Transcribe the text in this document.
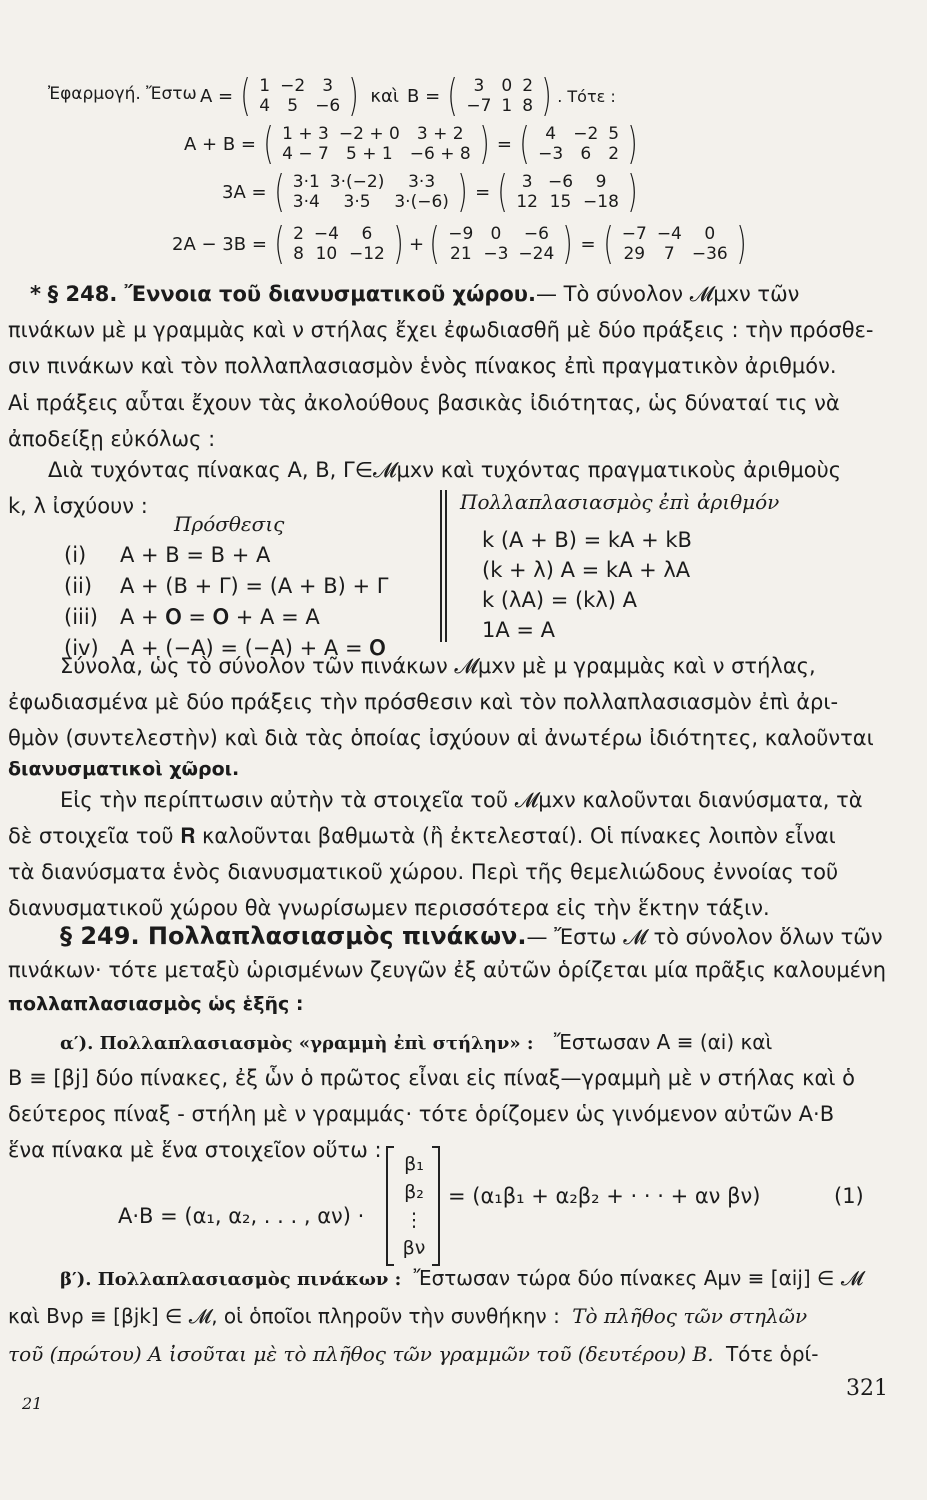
Ἐφαρμογή. Ἔστω A = ( 1	−2	3
4	5	−6 ) καὶ B = ( 3	0	2
−7	1	8 ) . Τότε :
A + B = ( 1 + 3	−2 + 0	3 + 2
4 − 7	5 + 1	−6 + 8 ) = ( 4	−2	5
−3	6	2 )
3A = ( 3·1	3·(−2)	3·3
3·4	3·5	3·(−6) ) = ( 3	−6	9
12	15	−18 )
2A − 3B = ( 2	−4	6
8	10	−12 ) + ( −9	0	−6
21	−3	−24 ) = ( −7	−4	0
29	7	−36 )
* § 248. Ἔννοια τοῦ διανυσματικοῦ χώρου.— Τὸ σύνολον 𝓜μxν τῶν
πινάκων μὲ μ γραμμὰς καὶ ν στήλας ἔχει ἐφωδιασθῆ μὲ δύο πράξεις : τὴν πρόσθε-
σιν πινάκων καὶ τὸν πολλαπλασιασμὸν ἑνὸς πίνακος ἐπὶ πραγματικὸν ἀριθμόν.
Αἱ πράξεις αὗται ἔχουν τὰς ἀκολούθους βασικὰς ἰδιότητας, ὡς δύναταί τις νὰ
ἀποδείξῃ εὐκόλως :
Διὰ τυχόντας πίνακας A, B, Γ∈𝓜μxν καὶ τυχόντας πραγματικοὺς ἀριθμοὺς
k, λ ἰσχύουν :
Πρόσθεσις
Πολλαπλασιασμὸς ἐπὶ ἀριθμόν
(i) A + B = B + A
(ii) A + (B + Γ) = (A + B) + Γ
(iii) A + 𝐎 = 𝐎 + A = A
(iv) A + (−A) = (−A) + A = 𝐎
k (A + B) = kA + kB
(k + λ) A = kA + λA
k (λA) = (kλ) A
1A = A
Σύνολα, ὡς τὸ σύνολον τῶν πινάκων 𝓜μxν μὲ μ γραμμὰς καὶ ν στήλας,
ἐφωδιασμένα μὲ δύο πράξεις τὴν πρόσθεσιν καὶ τὸν πολλαπλασιασμὸν ἐπὶ ἀρι-
θμὸν (συντελεστὴν) καὶ διὰ τὰς ὁποίας ἰσχύουν αἱ ἀνωτέρω ἰδιότητες, καλοῦνται
διανυσματικοὶ χῶροι.
Εἰς τὴν περίπτωσιν αὐτὴν τὰ στοιχεῖα τοῦ 𝓜μxν καλοῦνται διανύσματα, τὰ
δὲ στοιχεῖα τοῦ 𝐑 καλοῦνται βαθμωτὰ (ἢ ἐκτελεσταί). Οἱ πίνακες λοιπὸν εἶναι
τὰ διανύσματα ἑνὸς διανυσματικοῦ χώρου. Περὶ τῆς θεμελιώδους ἐννοίας τοῦ
διανυσματικοῦ χώρου θὰ γνωρίσωμεν περισσότερα εἰς τὴν ἕκτην τάξιν.
§ 249. Πολλαπλασιασμὸς πινάκων.— Ἔστω 𝓜 τὸ σύνολον ὅλων τῶν
πινάκων· τότε μεταξὺ ὡρισμένων ζευγῶν ἐξ αὐτῶν ὁρίζεται μία πρᾶξις καλουμένη
πολλαπλασιασμὸς ὡς ἑξῆς :
α′). Πολλαπλασιασμὸς «γραμμὴ ἐπὶ στήλην» : Ἔστωσαν A ≡ (αi) καὶ
B ≡ [βj] δύο πίνακες, ἐξ ὧν ὁ πρῶτος εἶναι εἰς πίναξ—γραμμὴ μὲ ν στήλας καὶ ὁ
δεύτερος πίναξ - στήλη μὲ ν γραμμάς· τότε ὁρίζομεν ὡς γινόμενον αὐτῶν A·B
ἕνα πίνακα μὲ ἕνα στοιχεῖον οὕτω :
A·B = (α₁, α₂, . . . , αν) ·
β₁
β₂
⋮
βν
= (α₁β₁ + α₂β₂ + · · · + αν βν)	(1)
β′). Πολλαπλασιασμὸς πινάκων : Ἔστωσαν τώρα δύο πίνακες Aμν ≡ [αij] ∈ 𝓜
καὶ Bνρ ≡ [βjk] ∈ 𝓜, οἱ ὁποῖοι πληροῦν τὴν συνθήκην : Τὸ πλῆθος τῶν στηλῶν
τοῦ (πρώτου) A ἰσοῦται μὲ τὸ πλῆθος τῶν γραμμῶν τοῦ (δευτέρου) B. Τότε ὁρί-
21
321
